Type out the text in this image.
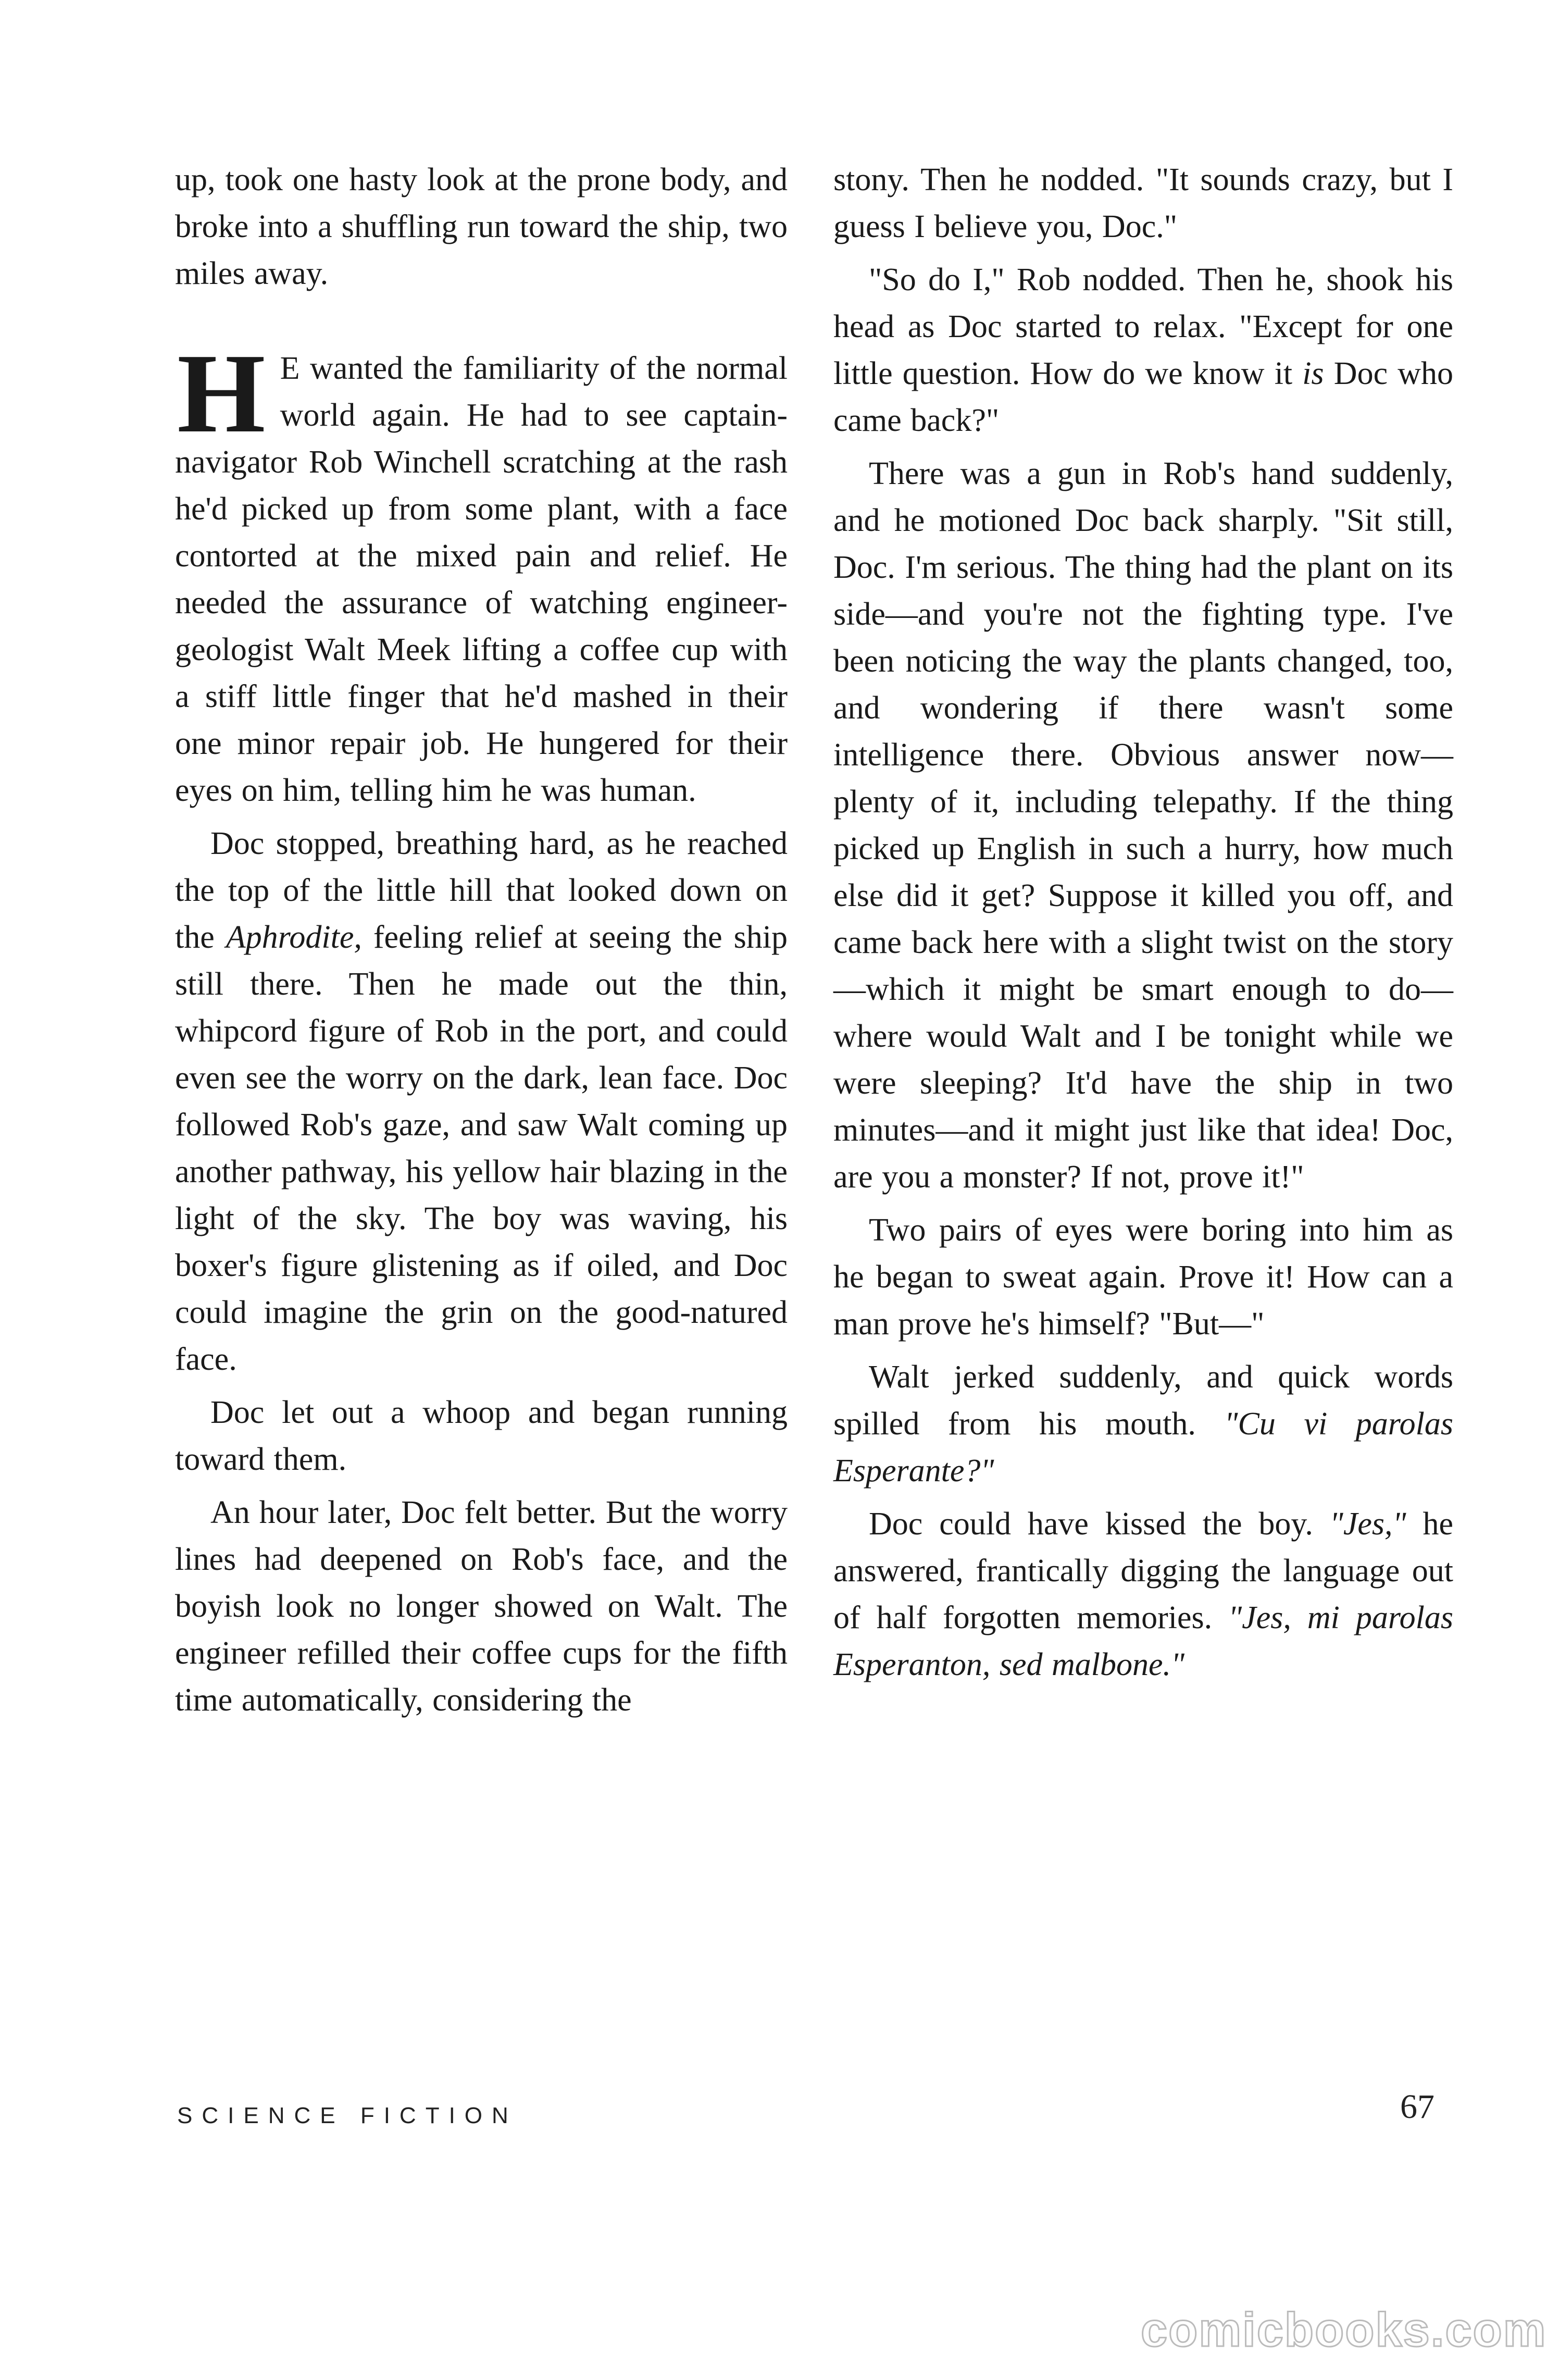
up, took one hasty look at the prone body, and broke into a shuffling run toward the ship, two miles away.

H E wanted the familiarity of the normal world again. He had to see captain-navigator Rob Winchell scratching at the rash he'd picked up from some plant, with a face contorted at the mixed pain and relief. He needed the assurance of watching engineer-geologist Walt Meek lifting a coffee cup with a stiff little finger that he'd mashed in their one minor repair job. He hungered for their eyes on him, telling him he was human.

Doc stopped, breathing hard, as he reached the top of the little hill that looked down on the Aphrodite, feeling relief at seeing the ship still there. Then he made out the thin, whipcord figure of Rob in the port, and could even see the worry on the dark, lean face. Doc followed Rob's gaze, and saw Walt coming up another pathway, his yellow hair blazing in the light of the sky. The boy was waving, his boxer's figure glistening as if oiled, and Doc could imagine the grin on the good-natured face.

Doc let out a whoop and began running toward them.

An hour later, Doc felt better. But the worry lines had deepened on Rob's face, and the boyish look no longer showed on Walt. The engineer refilled their coffee cups for the fifth time automatically, considering the

stony. Then he nodded. "It sounds crazy, but I guess I believe you, Doc."

"So do I," Rob nodded. Then he, shook his head as Doc started to relax. "Except for one little question. How do we know it is Doc who came back?"

There was a gun in Rob's hand suddenly, and he motioned Doc back sharply. "Sit still, Doc. I'm serious. The thing had the plant on its side—and you're not the fighting type. I've been noticing the way the plants changed, too, and wondering if there wasn't some intelligence there. Obvious answer now—plenty of it, including telepathy. If the thing picked up English in such a hurry, how much else did it get? Suppose it killed you off, and came back here with a slight twist on the story—which it might be smart enough to do—where would Walt and I be tonight while we were sleeping? It'd have the ship in two minutes—and it might just like that idea! Doc, are you a monster? If not, prove it!"

Two pairs of eyes were boring into him as he began to sweat again. Prove it! How can a man prove he's himself? "But—"

Walt jerked suddenly, and quick words spilled from his mouth. "Cu vi parolas Esperante?"

Doc could have kissed the boy. "Jes," he answered, frantically digging the language out of half forgotten memories. "Jes, mi parolas Esperanton, sed malbone."

SCIENCE FICTION	67
comicbooks.com
